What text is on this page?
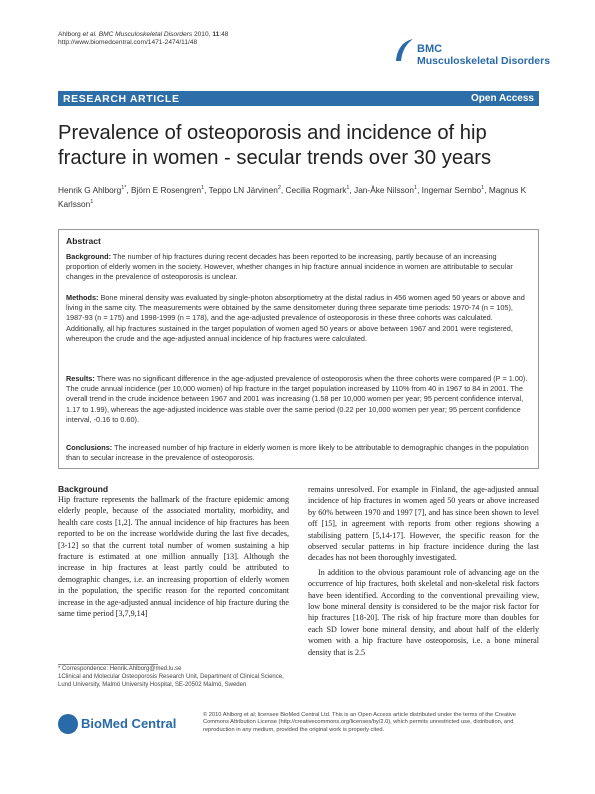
Ahlborg et al. BMC Musculoskeletal Disorders 2010, 11:48
http://www.biomedcentral.com/1471-2474/11/48
BMC
Musculoskeletal Disorders
RESEARCH ARTICLE	Open Access
Prevalence of osteoporosis and incidence of hip fracture in women - secular trends over 30 years
Henrik G Ahlborg$^{1*}$, Björn E Rosengren$^1$, Teppo LN Järvinen$^2$, Cecilia Rogmark$^1$, Jan-Åke Nilsson$^1$, Ingemar Sernbo$^1$, Magnus K Karlsson$^1$
Abstract
Background: The number of hip fractures during recent decades has been reported to be increasing, partly because of an increasing proportion of elderly women in the society. However, whether changes in hip fracture annual incidence in women are attributable to secular changes in the prevalence of osteoporosis is unclear.
Methods: Bone mineral density was evaluated by single-photon absorptiometry at the distal radius in 456 women aged 50 years or above and living in the same city. The measurements were obtained by the same densitometer during three separate time periods: 1970-74 (n = 105), 1987-93 (n = 175) and 1998-1999 (n = 178), and the age-adjusted prevalence of osteoporosis in these three cohorts was calculated. Additionally, all hip fractures sustained in the target population of women aged 50 years or above between 1967 and 2001 were registered, whereupon the crude and the age-adjusted annual incidence of hip fractures were calculated.
Results: There was no significant difference in the age-adjusted prevalence of osteoporosis when the three cohorts were compared (P = 1.00). The crude annual incidence (per 10,000 women) of hip fracture in the target population increased by 110% from 40 in 1967 to 84 in 2001. The overall trend in the crude incidence between 1967 and 2001 was increasing (1.58 per 10,000 women per year; 95 percent confidence interval, 1.17 to 1.99), whereas the age-adjusted incidence was stable over the same period (0.22 per 10,000 women per year; 95 percent confidence interval, -0.16 to 0.60).
Conclusions: The increased number of hip fracture in elderly women is more likely to be attributable to demographic changes in the population than to secular increase in the prevalence of osteoporosis.
Background
Hip fracture represents the hallmark of the fracture epidemic among elderly people, because of the associated mortality, morbidity, and health care costs [1,2]. The annual incidence of hip fractures has been reported to be on the increase worldwide during the last five decades, [3-12] so that the current total number of women sustaining a hip fracture is estimated at one million annually [13]. Although the increase in hip fractures at least partly could be attributed to demographic changes, i.e. an increasing proportion of elderly women in the population, the specific reason for the reported concomitant increase in the age-adjusted annual incidence of hip fracture during the same time period [3,7,9,14]
remains unresolved. For example in Finland, the age-adjusted annual incidence of hip fractures in women aged 50 years or above increased by 60% between 1970 and 1997 [7], and has since been shown to level off [15], in agreement with reports from other regions showing a stabilising pattern [5,14-17]. However, the specific reason for the observed secular patterns in hip fracture incidence during the last decades has not been thoroughly investigated.
In addition to the obvious paramount role of advancing age on the occurrence of hip fractures, both skeletal and non-skeletal risk factors have been identified. According to the conventional prevailing view, low bone mineral density is considered to be the major risk factor for hip fractures [18-20]. The risk of hip fracture more than doubles for each SD lower bone mineral density, and about half of the elderly women with a hip fracture have osteoporosis, i.e. a bone mineral density that is 2.5
* Correspondence: Henrik.Ahlborg@med.lu.se
1Clinical and Molecular Osteoporosis Research Unit, Department of Clinical Science, Lund University, Malmö University Hospital, SE-20502 Malmö, Sweden
BioMed Central
© 2010 Ahlborg et al; licensee BioMed Central Ltd. This is an Open Access article distributed under the terms of the Creative Commons Attribution License (http://creativecommons.org/licenses/by/2.0), which permits unrestricted use, distribution, and reproduction in any medium, provided the original work is properly cited.
